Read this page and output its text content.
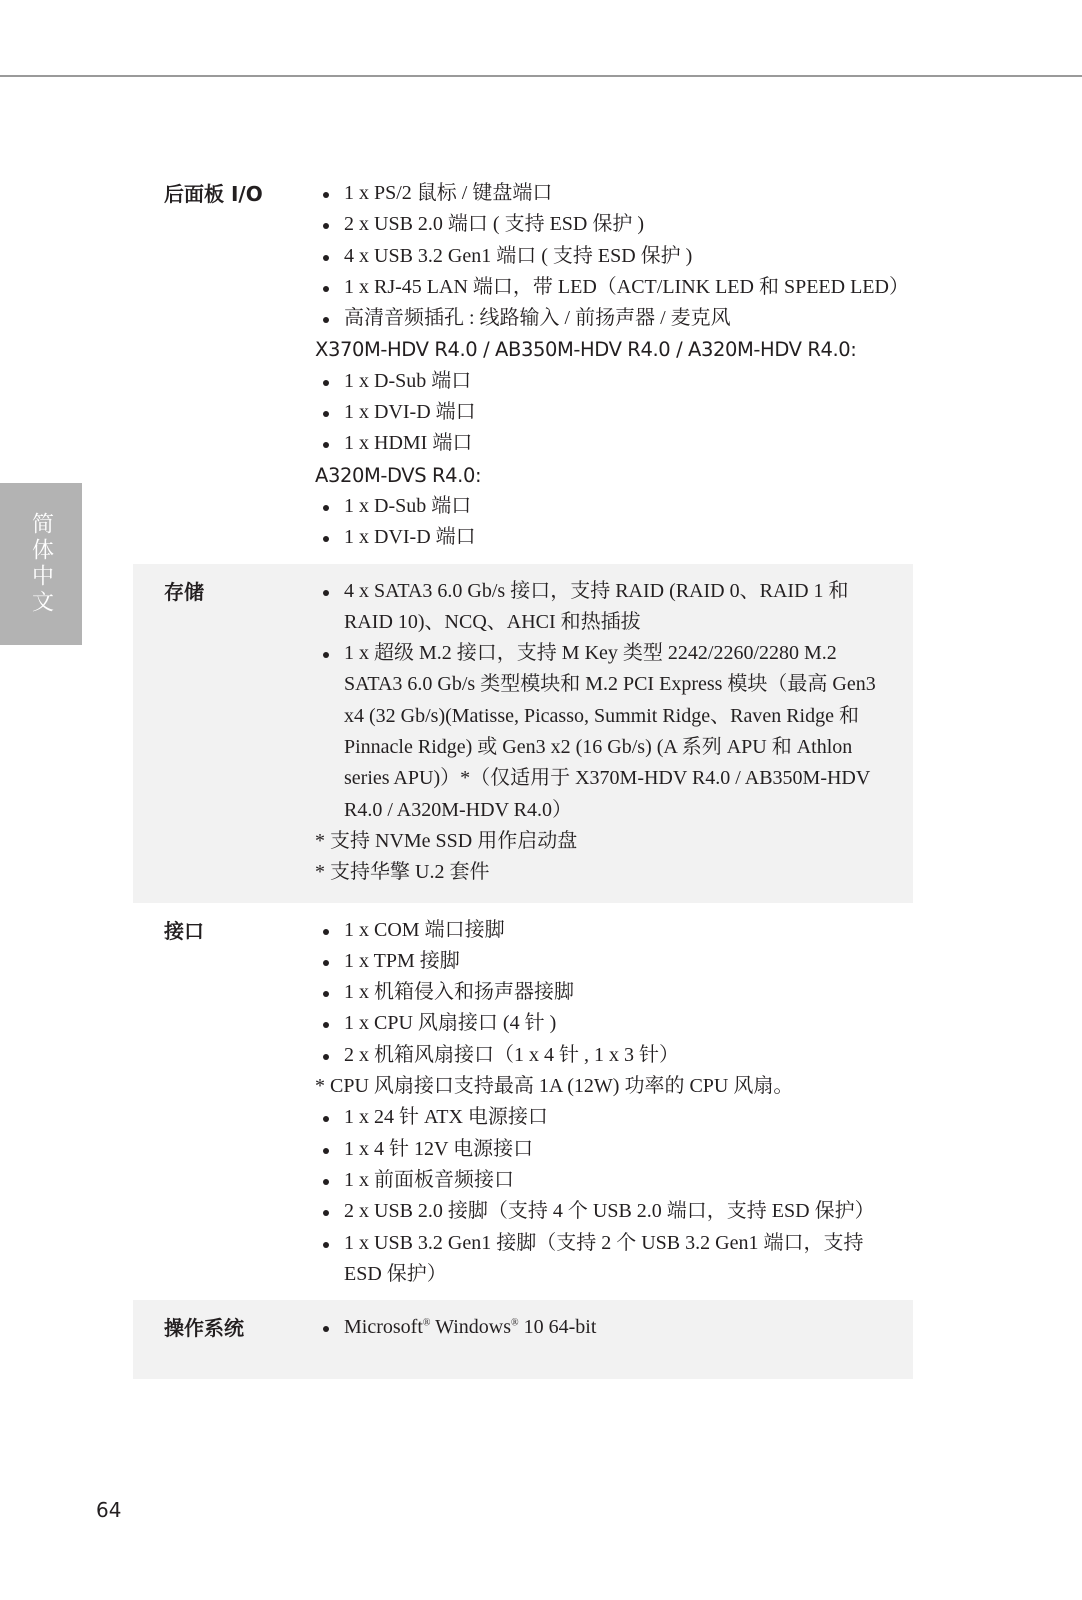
简体中文
后面板 I/O	1 x PS/2 鼠标 / 键盘端口
2 x USB 2.0 端口 ( 支持 ESD 保护 )
4 x USB 3.2 Gen1 端口 ( 支持 ESD 保护 )
1 x RJ-45 LAN 端口，带 LED（ACT/LINK LED 和 SPEED LED）
高清音频插孔 : 线路输入 / 前扬声器 / 麦克风
X370M-HDV R4.0 / AB350M-HDV R4.0 / A320M-HDV R4.0:
1 x D-Sub 端口
1 x DVI-D 端口
1 x HDMI 端口
A320M-DVS R4.0:
1 x D-Sub 端口
1 x DVI-D 端口
存储	4 x SATA3 6.0 Gb/s 接口，支持 RAID (RAID 0、RAID 1 和 RAID 10)、NCQ、AHCI 和热插拔
1 x 超级 M.2 接口，支持 M Key 类型 2242/2260/2280 M.2 SATA3 6.0 Gb/s 类型模块和 M.2 PCI Express 模块（最高 Gen3 x4 (32 Gb/s)(Matisse, Picasso, Summit Ridge、Raven Ridge 和 Pinnacle Ridge) 或 Gen3 x2 (16 Gb/s) (A 系列 APU 和 Athlon series APU)）*（仅适用于 X370M-HDV R4.0 / AB350M-HDV R4.0 / A320M-HDV R4.0）
* 支持 NVMe SSD 用作启动盘
* 支持华擎 U.2 套件
接口	1 x COM 端口接脚
1 x TPM 接脚
1 x 机箱侵入和扬声器接脚
1 x CPU 风扇接口 (4 针 )
2 x 机箱风扇接口（1 x 4 针 , 1 x 3 针）
* CPU 风扇接口支持最高 1A (12W) 功率的 CPU 风扇。
1 x 24 针 ATX 电源接口
1 x 4 针 12V 电源接口
1 x 前面板音频接口
2 x USB 2.0 接脚（支持 4 个 USB 2.0 端口，支持 ESD 保护）
1 x USB 3.2 Gen1 接脚（支持 2 个 USB 3.2 Gen1 端口，支持 ESD 保护）
操作系统	Microsoft® Windows® 10 64-bit
64
